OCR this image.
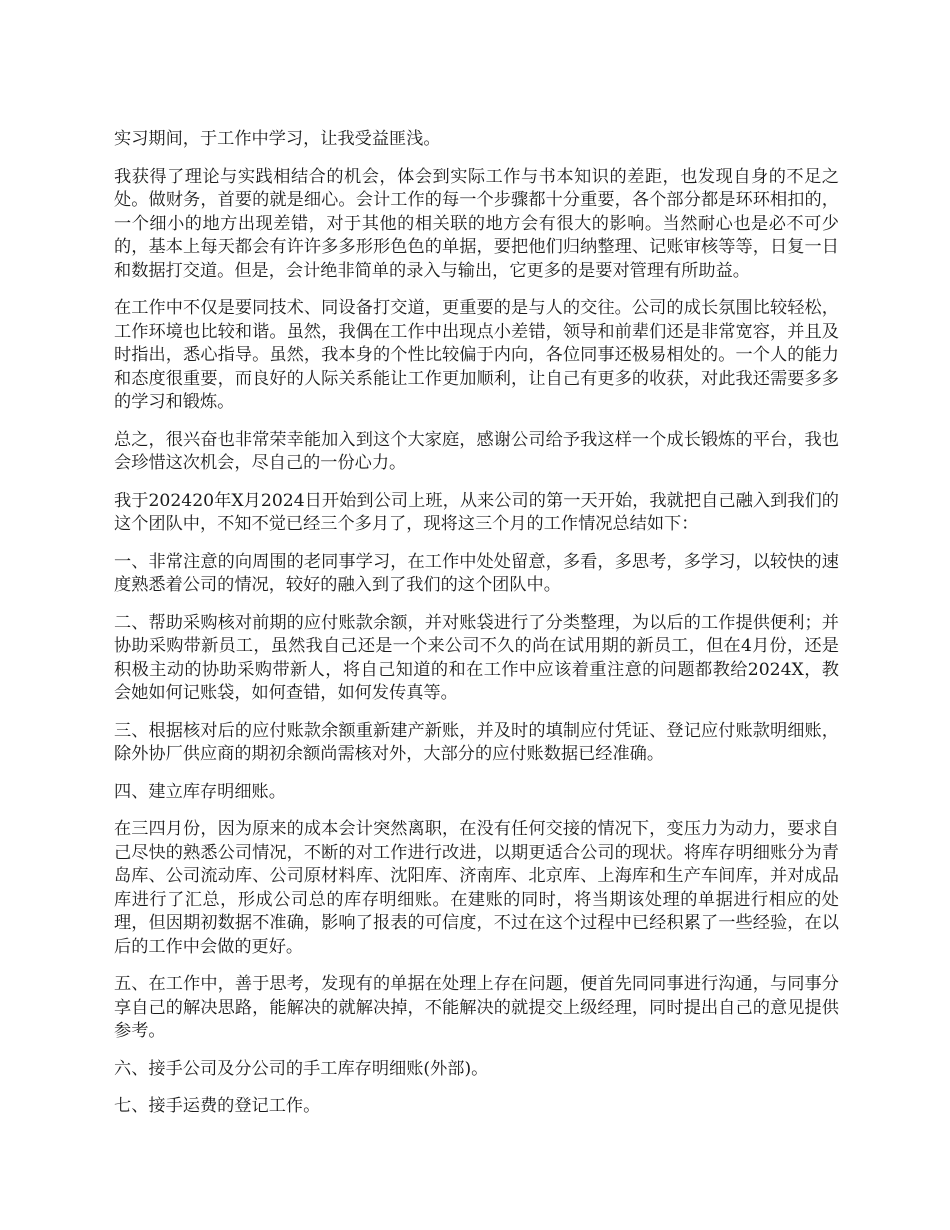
实习期间，于工作中学习，让我受益匪浅。

我获得了理论与实践相结合的机会，体会到实际工作与书本知识的差距，也发现自身的不足之处。做财务，首要的就是细心。会计工作的每一个步骤都十分重要，各个部分都是环环相扣的，一个细小的地方出现差错，对于其他的相关联的地方会有很大的影响。当然耐心也是必不可少的，基本上每天都会有许许多多形形色色的单据，要把他们归纳整理、记账审核等等，日复一日和数据打交道。但是，会计绝非简单的录入与输出，它更多的是要对管理有所助益。

在工作中不仅是要同技术、同设备打交道，更重要的是与人的交往。公司的成长氛围比较轻松，工作环境也比较和谐。虽然，我偶在工作中出现点小差错，领导和前辈们还是非常宽容，并且及时指出，悉心指导。虽然，我本身的个性比较偏于内向，各位同事还极易相处的。一个人的能力和态度很重要，而良好的人际关系能让工作更加顺利，让自己有更多的收获，对此我还需要多多的学习和锻炼。

总之，很兴奋也非常荣幸能加入到这个大家庭，感谢公司给予我这样一个成长锻炼的平台，我也会珍惜这次机会，尽自己的一份心力。

我于202420年X月2024日开始到公司上班，从来公司的第一天开始，我就把自己融入到我们的这个团队中，不知不觉已经三个多月了，现将这三个月的工作情况总结如下：

一、非常注意的向周围的老同事学习，在工作中处处留意，多看，多思考，多学习，以较快的速度熟悉着公司的情况，较好的融入到了我们的这个团队中。

二、帮助采购核对前期的应付账款余额，并对账袋进行了分类整理，为以后的工作提供便利；并协助采购带新员工，虽然我自己还是一个来公司不久的尚在试用期的新员工，但在4月份，还是积极主动的协助采购带新人，将自己知道的和在工作中应该着重注意的问题都教给2024X，教会她如何记账袋，如何查错，如何发传真等。

三、根据核对后的应付账款余额重新建产新账，并及时的填制应付凭证、登记应付账款明细账，除外协厂供应商的期初余额尚需核对外，大部分的应付账数据已经准确。

四、建立库存明细账。

在三四月份，因为原来的成本会计突然离职，在没有任何交接的情况下，变压力为动力，要求自己尽快的熟悉公司情况，不断的对工作进行改进，以期更适合公司的现状。将库存明细账分为青岛库、公司流动库、公司原材料库、沈阳库、济南库、北京库、上海库和生产车间库，并对成品库进行了汇总，形成公司总的库存明细账。在建账的同时，将当期该处理的单据进行相应的处理，但因期初数据不准确，影响了报表的可信度，不过在这个过程中已经积累了一些经验，在以后的工作中会做的更好。

五、在工作中，善于思考，发现有的单据在处理上存在问题，便首先同同事进行沟通，与同事分享自己的解决思路，能解决的就解决掉，不能解决的就提交上级经理，同时提出自己的意见提供参考。

六、接手公司及分公司的手工库存明细账(外部)。

七、接手运费的登记工作。
